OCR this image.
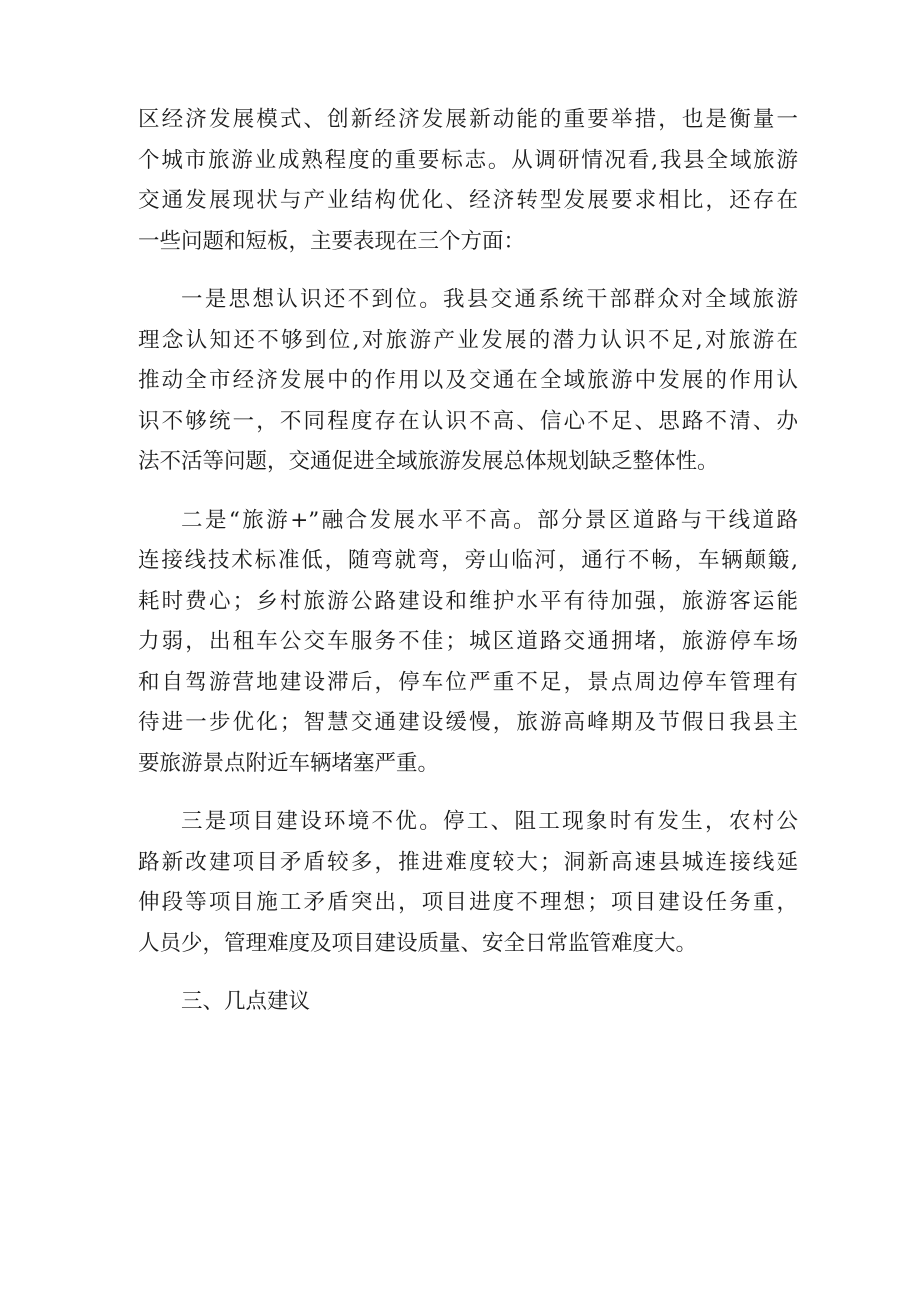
区经济发展模式、创新经济发展新动能的重要举措，也是衡量一
个城市旅游业成熟程度的重要标志。从调研情况看,我县全域旅游
交通发展现状与产业结构优化、经济转型发展要求相比，还存在
一些问题和短板，主要表现在三个方面：
一是思想认识还不到位。我县交通系统干部群众对全域旅游
理念认知还不够到位,对旅游产业发展的潜力认识不足,对旅游在
推动全市经济发展中的作用以及交通在全域旅游中发展的作用认
识不够统一，不同程度存在认识不高、信心不足、思路不清、办
法不活等问题，交通促进全域旅游发展总体规划缺乏整体性。
二是“旅游+”融合发展水平不高。部分景区道路与干线道路
连接线技术标准低，随弯就弯，旁山临河，通行不畅，车辆颠簸,
耗时费心；乡村旅游公路建设和维护水平有待加强，旅游客运能
力弱，出租车公交车服务不佳；城区道路交通拥堵，旅游停车场
和自驾游营地建设滞后，停车位严重不足，景点周边停车管理有
待进一步优化；智慧交通建设缓慢，旅游高峰期及节假日我县主
要旅游景点附近车辆堵塞严重。
三是项目建设环境不优。停工、阻工现象时有发生，农村公
路新改建项目矛盾较多，推进难度较大；洞新高速县城连接线延
伸段等项目施工矛盾突出，项目进度不理想；项目建设任务重，
人员少，管理难度及项目建设质量、安全日常监管难度大。
三、几点建议
